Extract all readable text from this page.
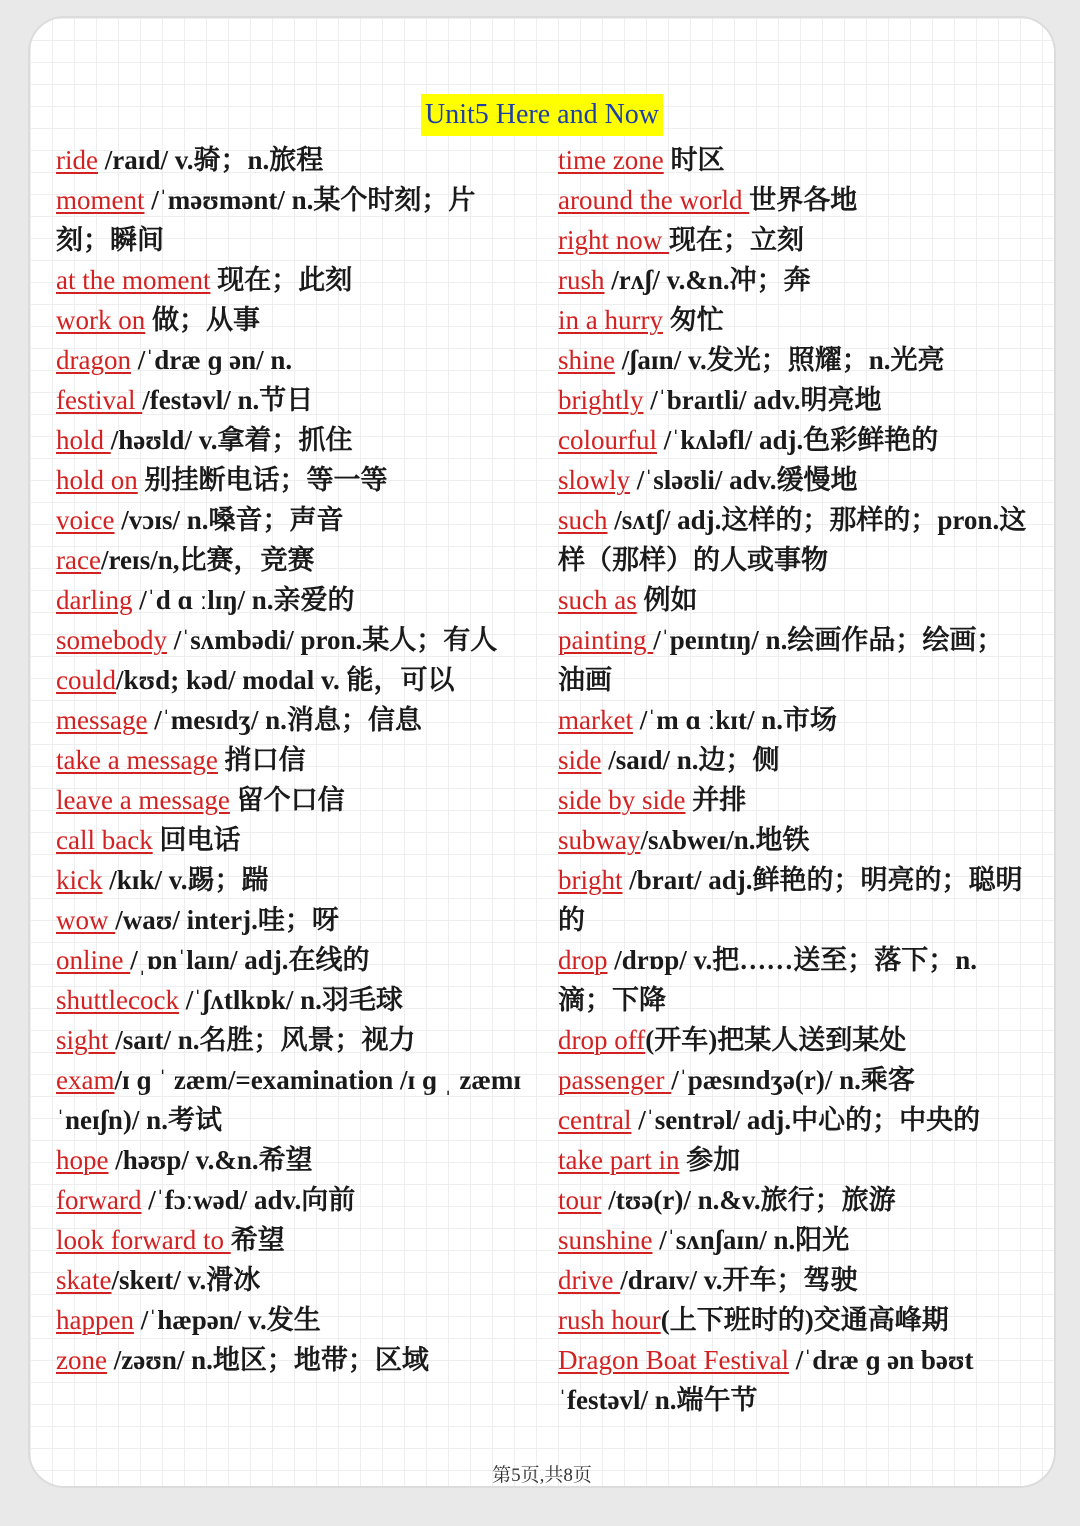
Unit5 Here and Now
ride /raɪd/ v.骑；n.旅程
moment /ˈməʊmənt/ n.某个时刻；片刻；瞬间
at the moment 现在；此刻
work on 做；从事
dragon /ˈdræ ɡ ən/ n.
festival /festəvl/ n.节日
hold /həʊld/ v.拿着；抓住
hold on 别挂断电话；等一等
voice /vɔɪs/ n.嗓音；声音
race/reɪs/n,比赛，竞赛
darling /ˈd ɑ ːlɪŋ/ n.亲爱的
somebody /ˈsʌmbədi/ pron.某人；有人
could/kʊd; kəd/ modal v. 能，可以
message /ˈmesɪdʒ/ n.消息；信息
take a message 捎口信
leave a message 留个口信
call back 回电话
kick /kɪk/ v.踢；踹
wow /waʊ/ interj.哇；呀
online /ˌɒnˈlaɪn/ adj.在线的
shuttlecock /ˈʃʌtlkɒk/ n.羽毛球
sight /saɪt/ n.名胜；风景；视力
exam/ɪ ɡ ˈ zæm/=examination /ɪ ɡ ˌ zæmɪˈneɪʃn)/ n.考试
hope /həʊp/ v.&n.希望
forward /ˈfɔːwəd/ adv.向前
look forward to 希望
skate/skeɪt/ v.滑冰
happen /ˈhæpən/ v.发生
zone /zəʊn/ n.地区；地带；区域
time zone 时区
around the world 世界各地
right now 现在；立刻
rush /rʌʃ/ v.&n.冲；奔
in a hurry 匆忙
shine /ʃaɪn/ v.发光；照耀；n.光亮
brightly /ˈbraɪtli/ adv.明亮地
colourful /ˈkʌləfl/ adj.色彩鲜艳的
slowly /ˈsləʊli/ adv.缓慢地
such /sʌtʃ/ adj.这样的；那样的；pron.这样（那样）的人或事物
such as 例如
painting /ˈpeɪntɪŋ/ n.绘画作品；绘画；油画
market /ˈm ɑ ːkɪt/ n.市场
side /saɪd/ n.边；侧
side by side 并排
subway/sʌbweɪ/n.地铁
bright /braɪt/ adj.鲜艳的；明亮的；聪明的
drop /drɒp/ v.把……送至；落下；n.滴；下降
drop off(开车)把某人送到某处
passenger /ˈpæsɪndʒə(r)/ n.乘客
central /ˈsentrəl/ adj.中心的；中央的
take part in 参加
tour /tʊə(r)/ n.&v.旅行；旅游
sunshine /ˈsʌnʃaɪn/ n.阳光
drive /draɪv/ v.开车；驾驶
rush hour(上下班时的)交通高峰期
Dragon Boat Festival /ˈdræ ɡ ən bəʊt ˈfestəvl/ n.端午节
第5页,共8页
